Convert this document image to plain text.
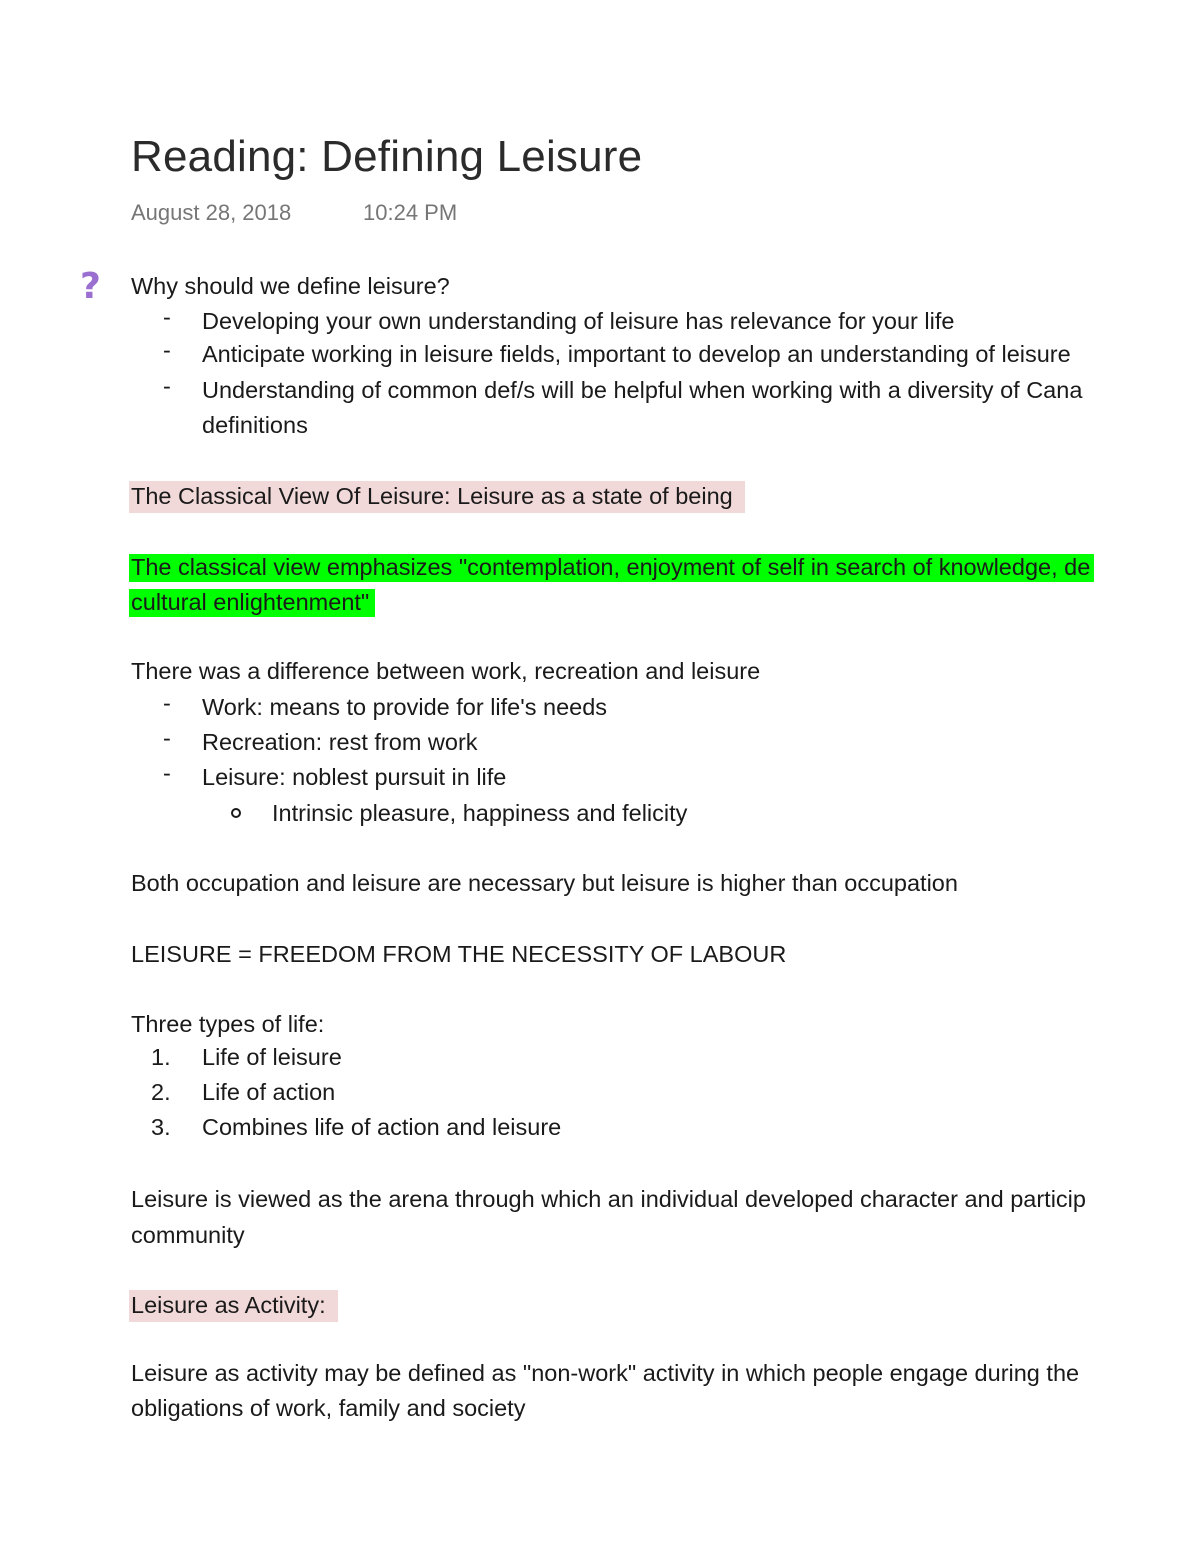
Reading: Defining Leisure
August 28, 2018	10:24 PM
? Why should we define leisure?
- Developing your own understanding of leisure has relevance for your life
- Anticipate working in leisure fields, important to develop an understanding of leisure
- Understanding of common def/s will be helpful when working with a diversity of Cana
definitions
The Classical View Of Leisure: Leisure as a state of being
The classical view emphasizes "contemplation, enjoyment of self in search of knowledge, de
cultural enlightenment"
There was a difference between work, recreation and leisure
- Work: means to provide for life's needs
- Recreation: rest from work
- Leisure: noblest pursuit in life
Intrinsic pleasure, happiness and felicity
Both occupation and leisure are necessary but leisure is higher than occupation
LEISURE = FREEDOM FROM THE NECESSITY OF LABOUR
Three types of life:
1. Life of leisure
2. Life of action
3. Combines life of action and leisure
Leisure is viewed as the arena through which an individual developed character and particip
community
Leisure as Activity:
Leisure as activity may be defined as "non-work" activity in which people engage during the
obligations of work, family and society
